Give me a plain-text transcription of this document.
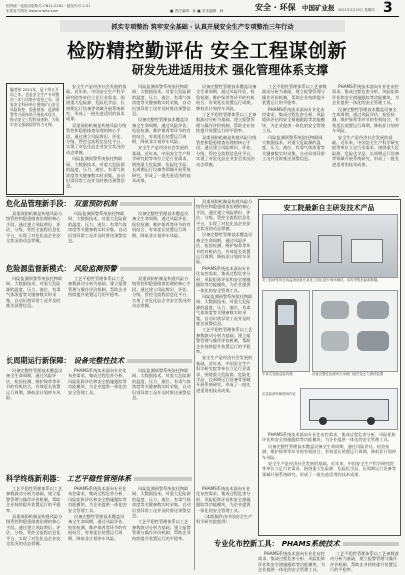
国内统一连续出版物号 CN11-0181 · 邮发代号 1-51
本报官方网站 www.cnwkz.com	■ 责任编辑：孙 ■ 美术编辑：韩	安全 · 环保 中国矿业报 2021年3月25日 星期四 3
抓实专项整治 筑牢安全基础 · 认真开展安全生产专项整治三年行动
检防精控勤评估 安全工程谋创新
研发先进适用技术 强化管理体系支撑
编者按 2021年，是十四五开局之年，也是安全生产专项整治三年行动集中攻坚之年。国家安全科研单位围绕矿山安全风险防控、隐患排查、监测预警等方面持续开展技术攻关，推动安全工程科技创新，为筑牢安全基础提供有力支撑。

安全生产是经济社会发展的基础。近年来，中国安全生产科学研究院等单位立足行业需求，围绕重大危险源、危险化学品、长周期运行设备等领域开展系统研究，形成了一批先进适用的技术成果。

双重预防机制是构建风险分级管控和隐患排查治理的核心手段。通过建立风险辨识、评估、分级、管控全流程信息化平台，实现了对危化品企业安全状况的动态掌握。

风险监测预警系统依托物联网、大数据技术，对重大危险源的温度、压力、液位、有毒气体浓度等关键参数实时采集，自动识别异常工况并及时推送预警信息。

风险监测预警系统依托物联网、大数据技术，对重大危险源的温度、压力、液位、有毒气体浓度等关键参数实时采集，自动识别异常工况并及时推送预警信息。

设备完整性管理技术覆盖设备全生命周期，通过风险评估、检验检测、维护保养等环节的有机结合，有效延长装置运行周期，降低非计划停车风险。

安全生产是经济社会发展的基础。近年来，中国安全生产科学研究院等单位立足行业需求，围绕重大危险源、危险化学品、长周期运行设备等领域开展系统研究，形成了一批先进适用的技术成果。

设备完整性管理技术覆盖设备全生命周期，通过风险评估、检验检测、维护保养等环节的有机结合，有效延长装置运行周期，降低非计划停车风险。

工艺平稳性管理体系以工艺参数波动分析为基础，建立报警管理与操作评价机制，帮助企业持续提升装置运行的平稳率。

双重预防机制是构建风险分级管控和隐患排查治理的核心手段。通过建立风险辨识、评估、分级、管控全流程信息化平台，实现了对危化品企业安全状况的动态掌握。

工艺平稳性管理体系以工艺参数波动分析为基础，建立报警管理与操作评价机制，帮助企业持续提升装置运行的平稳率。

PHAMS系统技术面向专业化布控需求，集成过程危害分析、风险矩阵评估和安全措施跟踪等功能模块，为企业提供一体化的安全管理工具。

风险监测预警系统依托物联网、大数据技术，对重大危险源的温度、压力、液位、有毒气体浓度等关键参数实时采集，自动识别异常工况并及时推送预警信息。

PHAMS系统技术面向专业化布控需求，集成过程危害分析、风险矩阵评估和安全措施跟踪等功能模块，为企业提供一体化的安全管理工具。

设备完整性管理技术覆盖设备全生命周期，通过风险评估、检验检测、维护保养等环节的有机结合，有效延长装置运行周期，降低非计划停车风险。

安全生产是经济社会发展的基础。近年来，中国安全生产科学研究院等单位立足行业需求，围绕重大危险源、危险化学品、长周期运行设备等领域开展系统研究，形成了一批先进适用的技术成果。

危化品管理新手段： 双重预防机制

双重预防机制是构建风险分级管控和隐患排查治理的核心手段。通过建立风险辨识、评估、分级、管控全流程信息化平台，实现了对危化品企业安全状况的动态掌握。

风险监测预警系统依托物联网、大数据技术，对重大危险源的温度、压力、液位、有毒气体浓度等关键参数实时采集，自动识别异常工况并及时推送预警信息。

设备完整性管理技术覆盖设备全生命周期，通过风险评估、检验检测、维护保养等环节的有机结合，有效延长装置运行周期，降低非计划停车风险。

危险源监督新模式： 风险监测预警

风险监测预警系统依托物联网、大数据技术，对重大危险源的温度、压力、液位、有毒气体浓度等关键参数实时采集，自动识别异常工况并及时推送预警信息。

工艺平稳性管理体系以工艺参数波动分析为基础，建立报警管理与操作评价机制，帮助企业持续提升装置运行的平稳率。

双重预防机制是构建风险分级管控和隐患排查治理的核心手段。通过建立风险辨识、评估、分级、管控全流程信息化平台，实现了对危化品企业安全状况的动态掌握。

长周期运行新保障： 设备完整性技术

设备完整性管理技术覆盖设备全生命周期，通过风险评估、检验检测、维护保养等环节的有机结合，有效延长装置运行周期，降低非计划停车风险。

PHAMS系统技术面向专业化布控需求，集成过程危害分析、风险矩阵评估和安全措施跟踪等功能模块，为企业提供一体化的安全管理工具。

风险监测预警系统依托物联网、大数据技术，对重大危险源的温度、压力、液位、有毒气体浓度等关键参数实时采集，自动识别异常工况并及时推送预警信息。

科学终练新利器： 工艺平稳性管理体系

工艺平稳性管理体系以工艺参数波动分析为基础，建立报警管理与操作评价机制，帮助企业持续提升装置运行的平稳率。

双重预防机制是构建风险分级管控和隐患排查治理的核心手段。通过建立风险辨识、评估、分级、管控全流程信息化平台，实现了对危化品企业安全状况的动态掌握。

PHAMS系统技术面向专业化布控需求，集成过程危害分析、风险矩阵评估和安全措施跟踪等功能模块，为企业提供一体化的安全管理工具。

设备完整性管理技术覆盖设备全生命周期，通过风险评估、检验检测、维护保养等环节的有机结合，有效延长装置运行周期，降低非计划停车风险。

风险监测预警系统依托物联网、大数据技术，对重大危险源的温度、压力、液位、有毒气体浓度等关键参数实时采集，自动识别异常工况并及时推送预警信息。

工艺平稳性管理体系以工艺参数波动分析为基础，建立报警管理与操作评价机制，帮助企业持续提升装置运行的平稳率。

双重预防机制是构建风险分级管控和隐患排查治理的核心手段。通过建立风险辨识、评估、分级、管控全流程信息化平台，实现了对危化品企业安全状况的动态掌握。

设备完整性管理技术覆盖设备全生命周期，通过风险评估、检验检测、维护保养等环节的有机结合，有效延长装置运行周期，降低非计划停车风险。

PHAMS系统技术面向专业化布控需求，集成过程危害分析、风险矩阵评估和安全措施跟踪等功能模块，为企业提供一体化的安全管理工具。

风险监测预警系统依托物联网、大数据技术，对重大危险源的温度、压力、液位、有毒气体浓度等关键参数实时采集，自动识别异常工况并及时推送预警信息。

工艺平稳性管理体系以工艺参数波动分析为基础，建立报警管理与操作评价机制，帮助企业持续提升装置运行的平稳率。

安全生产是经济社会发展的基础。近年来，中国安全生产科学研究院等单位立足行业需求，围绕重大危险源、危险化学品、长周期运行设备等领域开展系统研究，形成了一批先进适用的技术成果。

安工院最新自主研发技术产品
安工院研发的在线监测设备在某化工园区进行现场测试，实时采集危险源数据。
手持式智能巡检终端	设备完整性检测用专用阀门组件及压力测试装置
应急检测车辆现场作业

PHAMS系统技术面向专业化布控需求，集成过程危害分析、风险矩阵评估和安全措施跟踪等功能模块，为企业提供一体化的安全管理工具。

设备完整性管理技术覆盖设备全生命周期，通过风险评估、检验检测、维护保养等环节的有机结合，有效延长装置运行周期，降低非计划停车风险。

安全生产是经济社会发展的基础。近年来，中国安全生产科学研究院等单位立足行业需求，围绕重大危险源、危险化学品、长周期运行设备等领域开展系统研究，形成了一批先进适用的技术成果。

专业化布控新工具： PHAMS系统技术

PHAMS系统技术面向专业化布控需求，集成过程危害分析、风险矩阵评估和安全措施跟踪等功能模块，为企业提供一体化的安全管理工具。

（本版稿件由中国安全生产科学研究院提供）

PHAMS系统技术面向专业化布控需求，集成过程危害分析、风险矩阵评估和安全措施跟踪等功能模块，为企业提供一体化的安全管理工具。

工艺平稳性管理体系以工艺参数波动分析为基础，建立报警管理与操作评价机制，帮助企业持续提升装置运行的平稳率。
